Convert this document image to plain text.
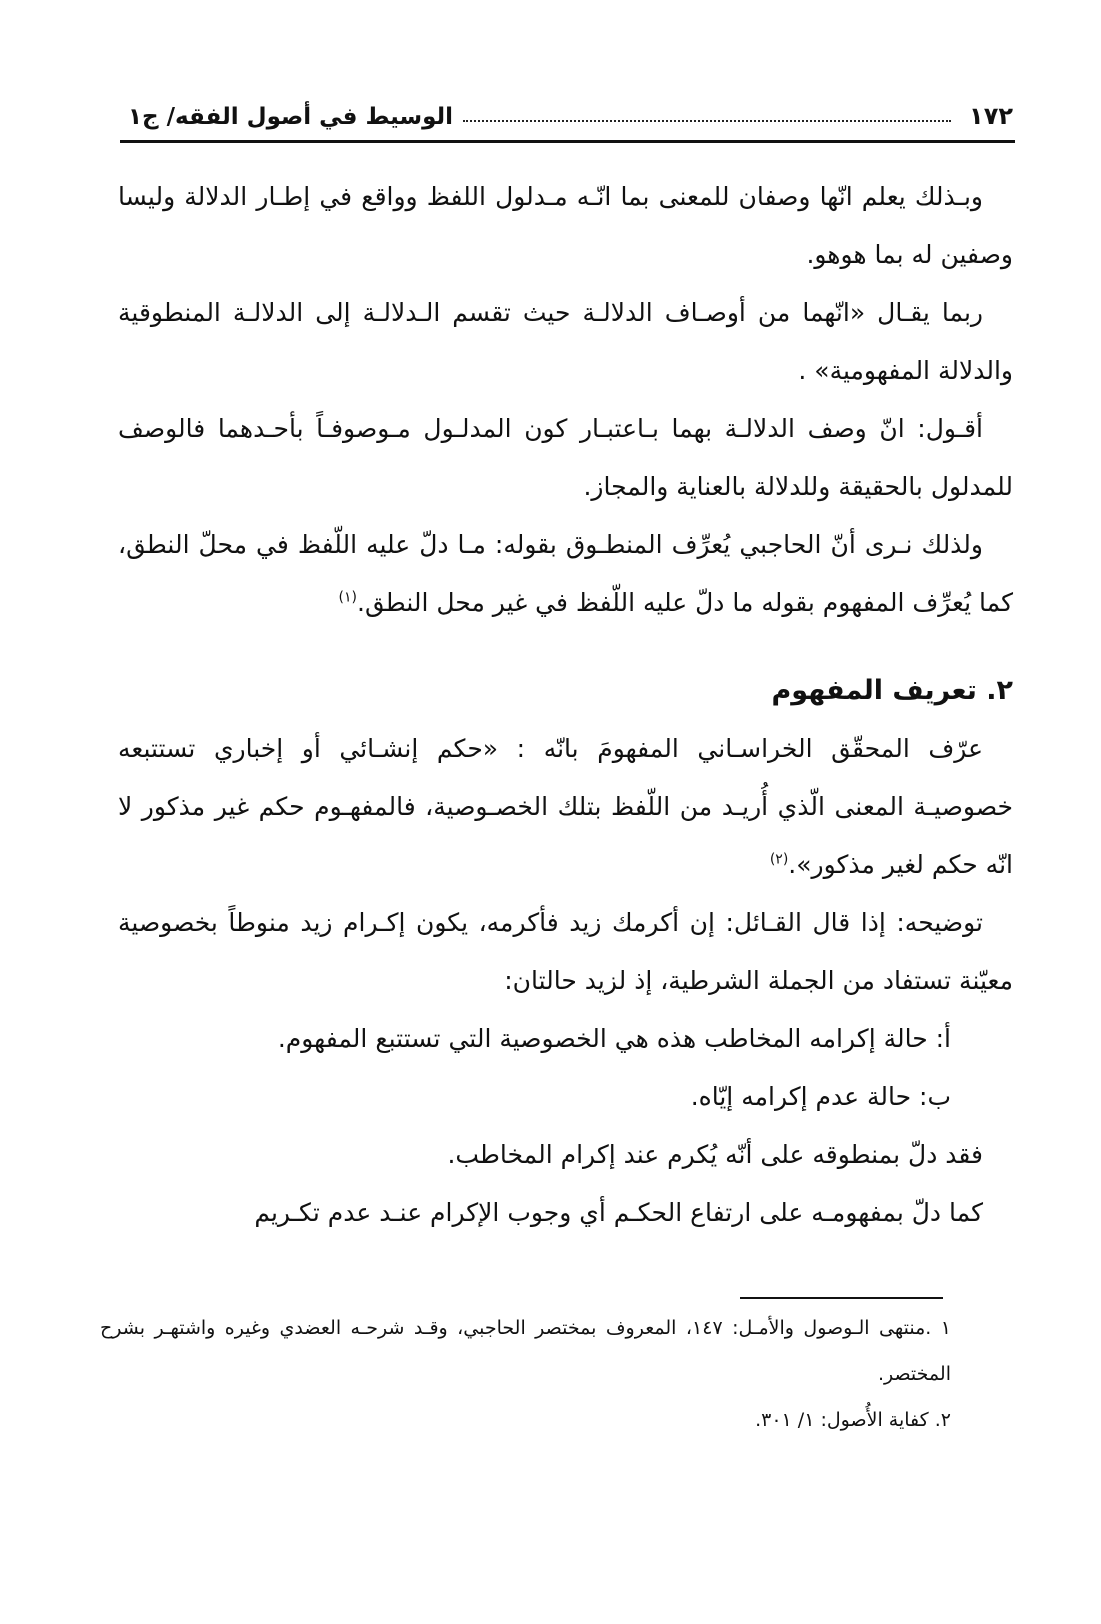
١٧٢
الوسيط في أصول الفقه/ ج١

وبـذلك يعلم انّها وصفان للمعنى بما انّـه مـدلول اللفظ وواقع في إطـار الدلالة وليسا وصفين له بما هوهو.

ربما يقـال «انّهما من أوصـاف الدلالـة حيث تقسم الـدلالـة إلى الدلالـة المنطوقية والدلالة المفهومية» .

أقـول: انّ وصف الدلالـة بهما بـاعتبـار كون المدلـول مـوصوفـاً بأحـدهما فالوصف للمدلول بالحقيقة وللدلالة بالعناية والمجاز.

ولذلك نـرى أنّ الحاجبي يُعرِّف المنطـوق بقوله: مـا دلّ عليه اللّفظ في محلّ النطق، كما يُعرِّف المفهوم بقوله ما دلّ عليه اللّفظ في غير محل النطق.$^{(١)}$

٢. تعريف المفهوم

عرّف المحقّق الخراسـاني المفهومَ بانّه : «حكم إنشـائي أو إخباري تستتبعه خصوصيـة المعنى الّذي أُريـد من اللّفظ بتلك الخصـوصية، فالمفهـوم حكم غير مذكور لا انّه حكم لغير مذكور».$^{(٢)}$

توضيحه: إذا قال القـائل: إن أكرمك زيد فأكرمه، يكون إكـرام زيد منوطاً بخصوصية معيّنة تستفاد من الجملة الشرطية، إذ لزيد حالتان:

أ: حالة إكرامه المخاطب هذه هي الخصوصية التي تستتبع المفهوم.

ب: حالة عدم إكرامه إيّاه.

فقد دلّ بمنطوقه على أنّه يُكرم عند إكرام المخاطب.

كما دلّ بمفهومـه على ارتفاع الحكـم أي وجوب الإكرام عنـد عدم تكـريم

١ .منتهى الـوصول والأمـل: ١٤٧، المعروف بمختصر الحاجبي، وقـد شرحـه العضدي وغيره واشتهـر بشرح المختصر.

٢. كفاية الأُصول: ١/ ٣٠١.
